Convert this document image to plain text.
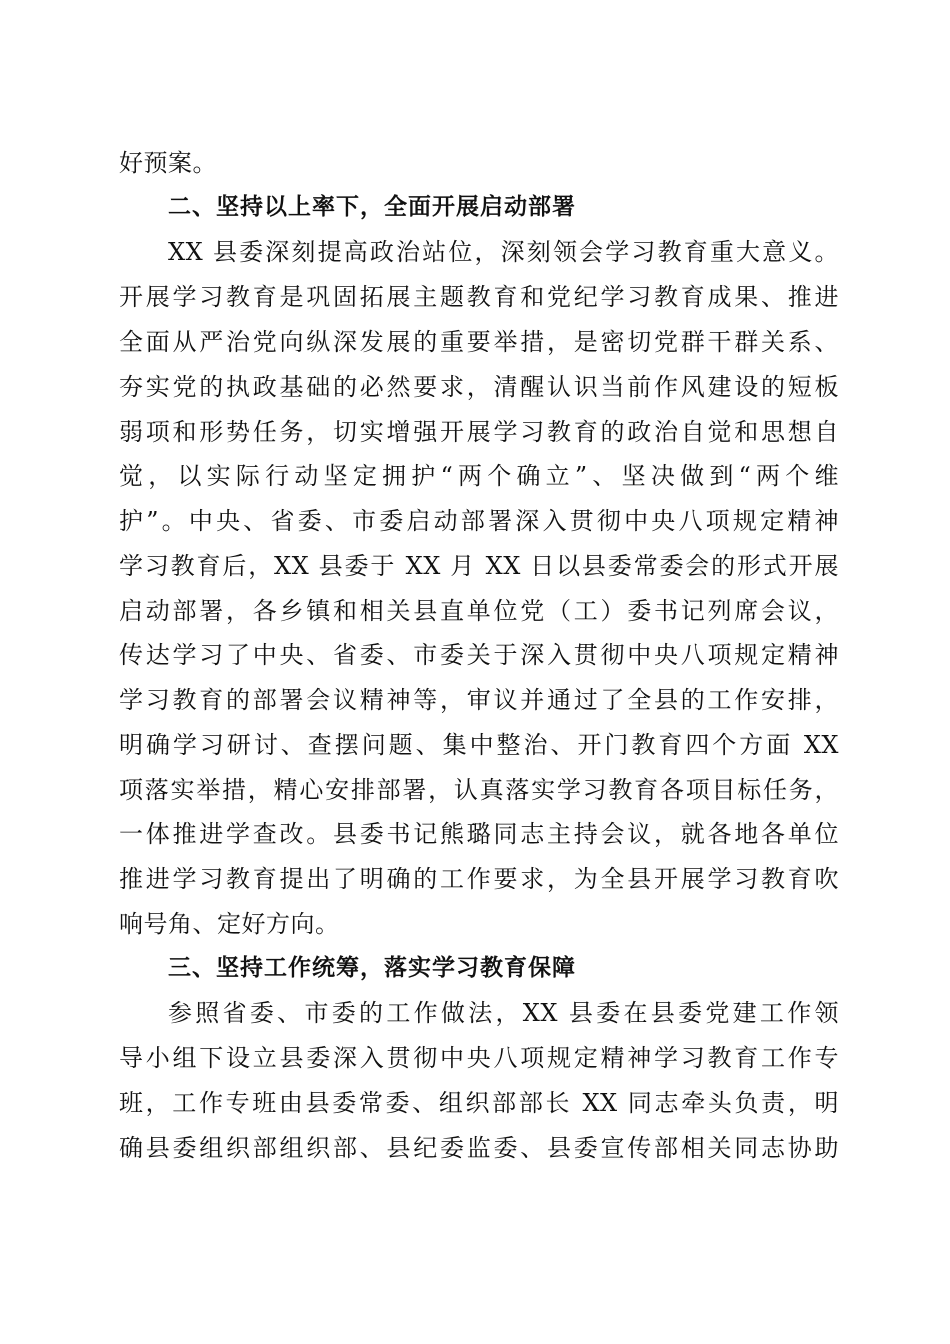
好预案。
二、坚持以上率下，全面开展启动部署
XX 县委深刻提高政治站位，深刻领会学习教育重大意义。
开展学习教育是巩固拓展主题教育和党纪学习教育成果、推进
全面从严治党向纵深发展的重要举措，是密切党群干群关系、
夯实党的执政基础的必然要求，清醒认识当前作风建设的短板
弱项和形势任务，切实增强开展学习教育的政治自觉和思想自
觉，以实际行动坚定拥护“两个确立”、坚决做到“两个维
护”。中央、省委、市委启动部署深入贯彻中央八项规定精神
学习教育后，XX 县委于 XX 月 XX 日以县委常委会的形式开展
启动部署，各乡镇和相关县直单位党（工）委书记列席会议，
传达学习了中央、省委、市委关于深入贯彻中央八项规定精神
学习教育的部署会议精神等，审议并通过了全县的工作安排，
明确学习研讨、查摆问题、集中整治、开门教育四个方面 XX
项落实举措，精心安排部署，认真落实学习教育各项目标任务，
一体推进学查改。县委书记熊璐同志主持会议，就各地各单位
推进学习教育提出了明确的工作要求，为全县开展学习教育吹
响号角、定好方向。
三、坚持工作统筹，落实学习教育保障
参照省委、市委的工作做法，XX 县委在县委党建工作领
导小组下设立县委深入贯彻中央八项规定精神学习教育工作专
班，工作专班由县委常委、组织部部长 XX 同志牵头负责，明
确县委组织部组织部、县纪委监委、县委宣传部相关同志协助
